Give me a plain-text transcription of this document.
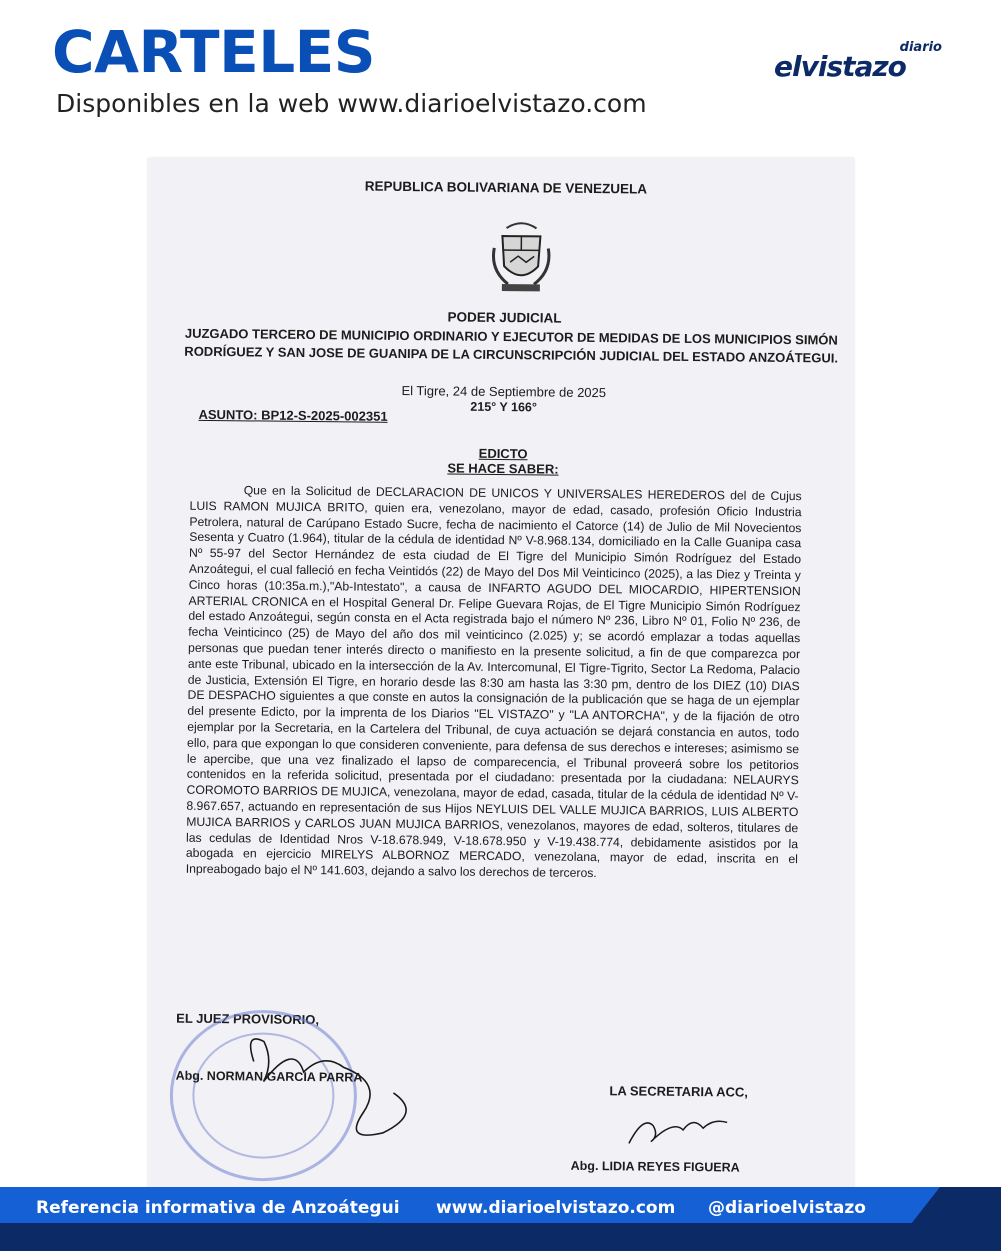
CARTELES
Disponibles en la web www.diarioelvistazo.com
diario
elvistazo
REPUBLICA BOLIVARIANA DE VENEZUELA
PODER JUDICIAL
JUZGADO TERCERO DE MUNICIPIO ORDINARIO Y EJECUTOR DE MEDIDAS DE LOS MUNICIPIOS SIMÓN RODRÍGUEZ Y SAN JOSE DE GUANIPA DE LA CIRCUNSCRIPCIÓN JUDICIAL DEL ESTADO ANZOÁTEGUI.
El Tigre, 24 de Septiembre de 2025
215° Y 166°
ASUNTO: BP12-S-2025-002351
EDICTO
SE HACE SABER:

Que en la Solicitud de DECLARACION DE UNICOS Y UNIVERSALES HEREDEROS del de Cujus LUIS RAMON MUJICA BRITO, quien era, venezolano, mayor de edad, casado, profesión Oficio Industria Petrolera, natural de Carúpano Estado Sucre, fecha de nacimiento el Catorce (14) de Julio de Mil Novecientos Sesenta y Cuatro (1.964), titular de la cédula de identidad Nº V-8.968.134, domiciliado en la Calle Guanipa casa Nº 55-97 del Sector Hernández de esta ciudad de El Tigre del Municipio Simón Rodríguez del Estado Anzoátegui, el cual falleció en fecha Veintidós (22) de Mayo del Dos Mil Veinticinco (2025), a las Diez y Treinta y Cinco horas (10:35a.m.),"Ab-Intestato", a causa de INFARTO AGUDO DEL MIOCARDIO, HIPERTENSION ARTERIAL CRONICA en el Hospital General Dr. Felipe Guevara Rojas, de El Tigre Municipio Simón Rodríguez del estado Anzoátegui, según consta en el Acta registrada bajo el número Nº 236, Libro Nº 01, Folio Nº 236, de fecha Veinticinco (25) de Mayo del año dos mil veinticinco (2.025) y; se acordó emplazar a todas aquellas personas que puedan tener interés directo o manifiesto en la presente solicitud, a fin de que comparezca por ante este Tribunal, ubicado en la intersección de la Av. Intercomunal, El Tigre-Tigrito, Sector La Redoma, Palacio de Justicia, Extensión El Tigre, en horario desde las 8:30 am hasta las 3:30 pm, dentro de los DIEZ (10) DIAS DE DESPACHO siguientes a que conste en autos la consignación de la publicación que se haga de un ejemplar del presente Edicto, por la imprenta de los Diarios "EL VISTAZO" y "LA ANTORCHA", y de la fijación de otro ejemplar por la Secretaria, en la Cartelera del Tribunal, de cuya actuación se dejará constancia en autos, todo ello, para que expongan lo que consideren conveniente, para defensa de sus derechos e intereses; asimismo se le apercibe, que una vez finalizado el lapso de comparecencia, el Tribunal proveerá sobre los petitorios contenidos en la referida solicitud, presentada por el ciudadano: presentada por la ciudadana: NELAURYS COROMOTO BARRIOS DE MUJICA, venezolana, mayor de edad, casada, titular de la cédula de identidad Nº V-8.967.657, actuando en representación de sus Hijos NEYLUIS DEL VALLE MUJICA BARRIOS, LUIS ALBERTO MUJICA BARRIOS y CARLOS JUAN MUJICA BARRIOS, venezolanos, mayores de edad, solteros, titulares de las cedulas de Identidad Nros V-18.678.949, V-18.678.950 y V-19.438.774, debidamente asistidos por la abogada en ejercicio MIRELYS ALBORNOZ MERCADO, venezolana, mayor de edad, inscrita en el Inpreabogado bajo el Nº 141.603, dejando a salvo los derechos de terceros.

EL JUEZ PROVISORIO,
Abg. NORMAN GARCIA PARRA
LA SECRETARIA ACC,
Abg. LIDIA REYES FIGUERA
Referencia informativa de Anzoátegui www.diarioelvistazo.com @diarioelvistazo
